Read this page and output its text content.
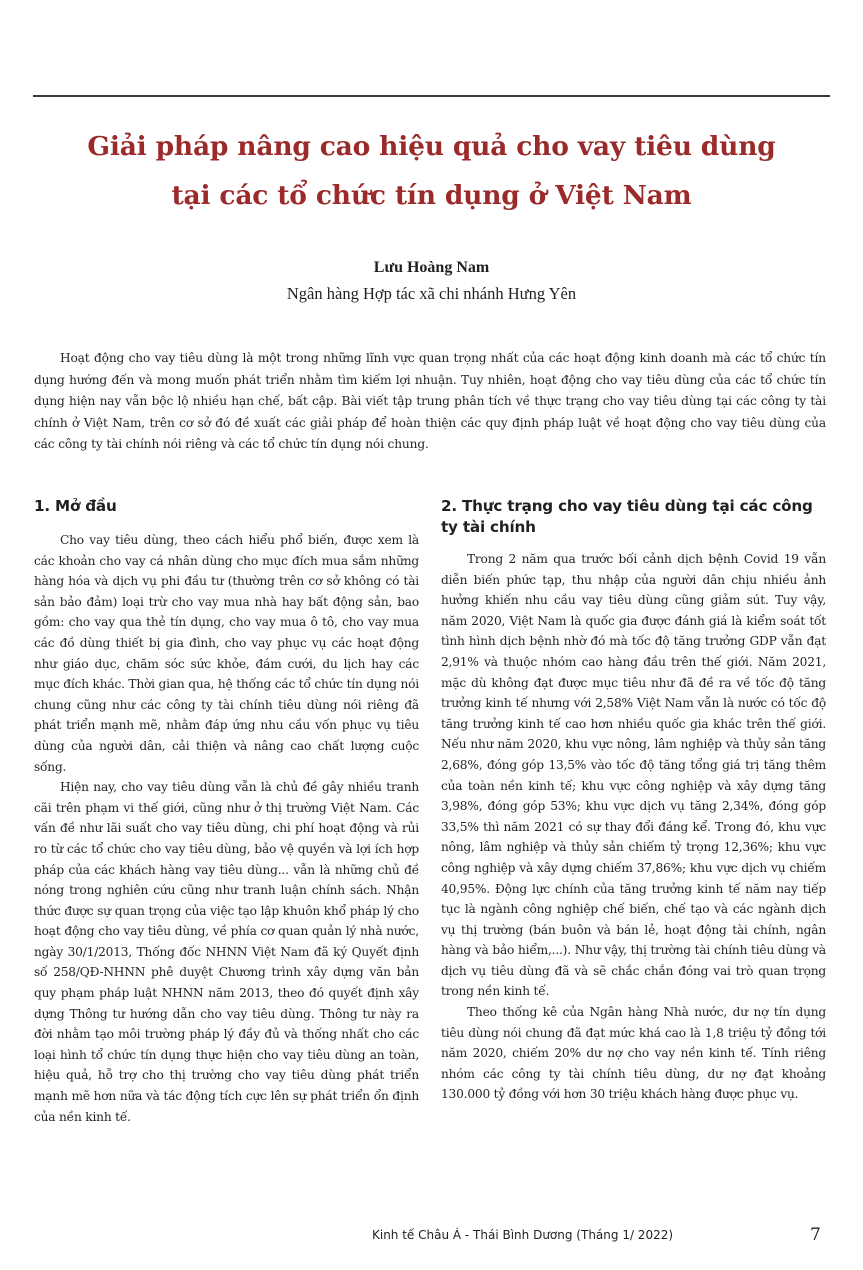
Giải pháp nâng cao hiệu quả cho vay tiêu dùng
tại các tổ chức tín dụng ở Việt Nam
Lưu Hoàng Nam
Ngân hàng Hợp tác xã chi nhánh Hưng Yên

Hoạt động cho vay tiêu dùng là một trong những lĩnh vực quan trọng nhất của các hoạt động kinh doanh mà các tổ chức tín dụng hướng đến và mong muốn phát triển nhằm tìm kiếm lợi nhuận. Tuy nhiên, hoạt động cho vay tiêu dùng của các tổ chức tín dụng hiện nay vẫn bộc lộ nhiều hạn chế, bất cập. Bài viết tập trung phân tích về thực trạng cho vay tiêu dùng tại các công ty tài chính ở Việt Nam, trên cơ sở đó đề xuất các giải pháp để hoàn thiện các quy định pháp luật về hoạt động cho vay tiêu dùng của các công ty tài chính nói riêng và các tổ chức tín dụng nói chung.

1. Mở đầu

Cho vay tiêu dùng, theo cách hiểu phổ biến, được xem là các khoản cho vay cá nhân dùng cho mục đích mua sắm những hàng hóa và dịch vụ phi đầu tư (thường trên cơ sở không có tài sản bảo đảm) loại trừ cho vay mua nhà hay bất động sản, bao gồm: cho vay qua thẻ tín dụng, cho vay mua ô tô, cho vay mua các đồ dùng thiết bị gia đình, cho vay phục vụ các hoạt động như giáo dục, chăm sóc sức khỏe, đám cưới, du lịch hay các mục đích khác. Thời gian qua, hệ thống các tổ chức tín dụng nói chung cũng như các công ty tài chính tiêu dùng nói riêng đã phát triển mạnh mẽ, nhằm đáp ứng nhu cầu vốn phục vụ tiêu dùng của người dân, cải thiện và nâng cao chất lượng cuộc sống.

Hiện nay, cho vay tiêu dùng vẫn là chủ đề gây nhiều tranh cãi trên phạm vi thế giới, cũng như ở thị trường Việt Nam. Các vấn đề như lãi suất cho vay tiêu dùng, chi phí hoạt động và rủi ro từ các tổ chức cho vay tiêu dùng, bảo vệ quyền và lợi ích hợp pháp của các khách hàng vay tiêu dùng... vẫn là những chủ đề nóng trong nghiên cứu cũng như tranh luận chính sách. Nhận thức được sự quan trọng của việc tạo lập khuôn khổ pháp lý cho hoạt động cho vay tiêu dùng, về phía cơ quan quản lý nhà nước, ngày 30/1/2013, Thống đốc NHNN Việt Nam đã ký Quyết định số 258/QĐ-NHNN phê duyệt Chương trình xây dựng văn bản quy phạm pháp luật NHNN năm 2013, theo đó quyết định xây dựng Thông tư hướng dẫn cho vay tiêu dùng. Thông tư này ra đời nhằm tạo môi trường pháp lý đầy đủ và thống nhất cho các loại hình tổ chức tín dụng thực hiện cho vay tiêu dùng an toàn, hiệu quả, hỗ trợ cho thị trường cho vay tiêu dùng phát triển mạnh mẽ hơn nữa và tác động tích cực lên sự phát triển ổn định của nền kinh tế.

2. Thực trạng cho vay tiêu dùng tại các công ty tài chính

Trong 2 năm qua trước bối cảnh dịch bệnh Covid 19 vẫn diễn biến phức tạp, thu nhập của người dân chịu nhiều ảnh hưởng khiến nhu cầu vay tiêu dùng cũng giảm sút. Tuy vậy, năm 2020, Việt Nam là quốc gia được đánh giá là kiểm soát tốt tình hình dịch bệnh nhờ đó mà tốc độ tăng trưởng GDP vẫn đạt 2,91% và thuộc nhóm cao hàng đầu trên thế giới. Năm 2021, mặc dù không đạt được mục tiêu như đã đề ra về tốc độ tăng trưởng kinh tế nhưng với 2,58% Việt Nam vẫn là nước có tốc độ tăng trưởng kinh tế cao hơn nhiều quốc gia khác trên thế giới. Nếu như năm 2020, khu vực nông, lâm nghiệp và thủy sản tăng 2,68%, đóng góp 13,5% vào tốc độ tăng tổng giá trị tăng thêm của toàn nền kinh tế; khu vực công nghiệp và xây dựng tăng 3,98%, đóng góp 53%; khu vực dịch vụ tăng 2,34%, đóng góp 33,5% thì năm 2021 có sự thay đổi đáng kể. Trong đó, khu vực nông, lâm nghiệp và thủy sản chiếm tỷ trọng 12,36%; khu vực công nghiệp và xây dựng chiếm 37,86%; khu vực dịch vụ chiếm 40,95%. Động lực chính của tăng trưởng kinh tế năm nay tiếp tục là ngành công nghiệp chế biến, chế tạo và các ngành dịch vụ thị trường (bán buôn và bán lẻ, hoạt động tài chính, ngân hàng và bảo hiểm,...). Như vậy, thị trường tài chính tiêu dùng và dịch vụ tiêu dùng đã và sẽ chắc chắn đóng vai trò quan trọng trong nền kinh tế.

Theo thống kê của Ngân hàng Nhà nước, dư nợ tín dụng tiêu dùng nói chung đã đạt mức khá cao là 1,8 triệu tỷ đồng tới năm 2020, chiếm 20% dư nợ cho vay nền kinh tế. Tính riêng nhóm các công ty tài chính tiêu dùng, dư nợ đạt khoảng 130.000 tỷ đồng với hơn 30 triệu khách hàng được phục vụ.

Kinh tế Châu Á - Thái Bình Dương (Tháng 1/ 2022)	7
